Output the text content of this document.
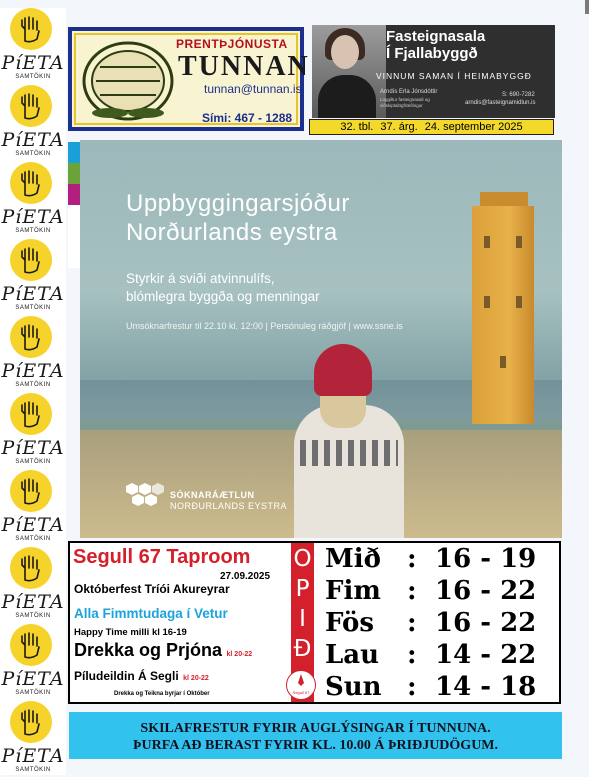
PíETA
SAMTÖKIN
PíETA
SAMTÖKIN
PíETA
SAMTÖKIN
PíETA
SAMTÖKIN
PíETA
SAMTÖKIN
PíETA
SAMTÖKIN
PíETA
SAMTÖKIN
PíETA
SAMTÖKIN
PíETA
SAMTÖKIN
PíETA
SAMTÖKIN
PRENTÞJÓNUSTA
TUNNAN
tunnan@tunnan.is
Sími: 467 - 1288
Fasteignasala
Í Fjallabyggð
VINNUM SAMAN Í HEIMABYGGÐ
Arndís Erla Jónsdóttir
Löggiltur fasteignasali og
viðskiptalögfræðingur
S: 690-7282
arndis@fasteignamidlun.is
32. tbl. 37. árg. 24. september 2025
Uppbyggingarsjóður
Norðurlands eystra
Styrkir á sviði atvinnulífs,
blómlegra byggða og menningar
Umsóknarfrestur til 22.10 kl. 12:00 | Persónuleg ráðgjöf | www.ssne.is
SÓKNARÁÆTLUN
NORÐURLANDS EYSTRA
Segull 67 Taproom
27.09.2025
Októberfest Tríói Akureyrar
Alla Fimmtudaga í Vetur
Happy Time milli kl 16-19
Drekka og Prjóna kl 20-22
Píludeildin Á Segli kl 20-22
Drekka og Teikna byrjar í Október
O
P
I
Ð
Segull 67
Mið : 16 - 19
Fim : 16 - 22
Fös : 16 - 22
Lau : 14 - 22
Sun : 14 - 18
SKILAFRESTUR FYRIR AUGLÝSINGAR Í TUNNUNA.
ÞURFA AÐ BERAST FYRIR KL. 10.00 Á ÞRIÐJUDÖGUM.
